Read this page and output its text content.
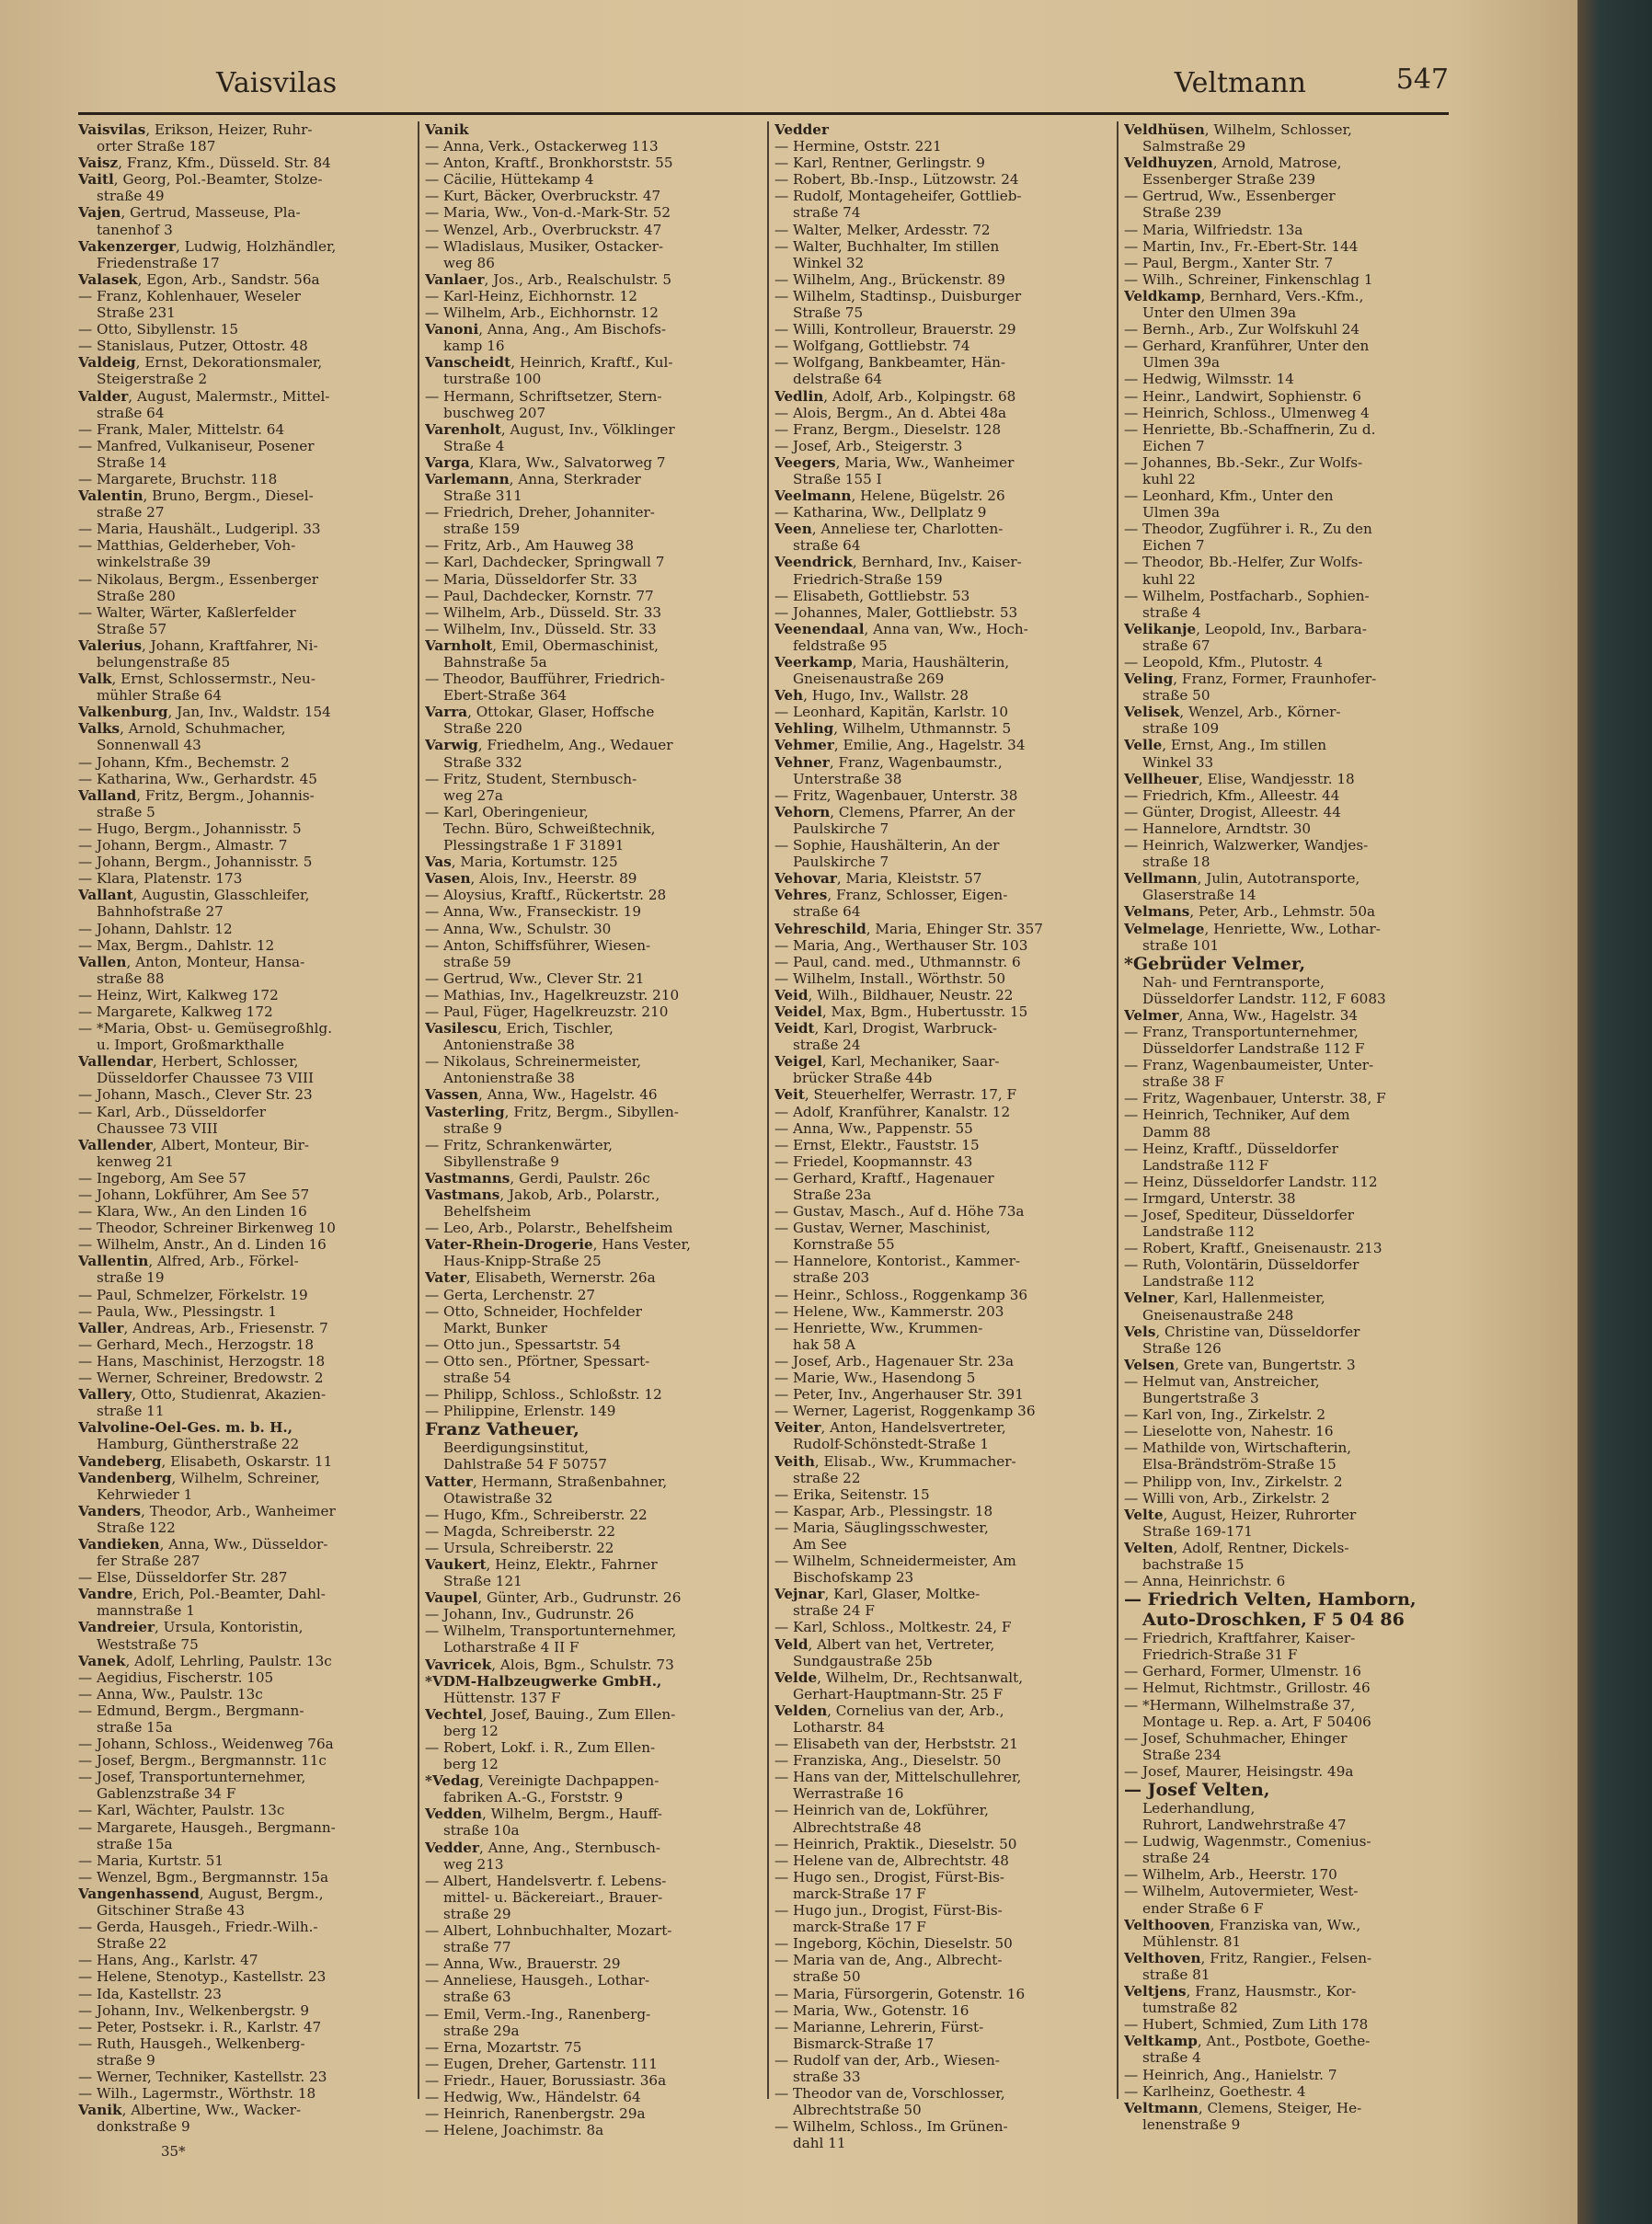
Vaisvilas	Veltmann	547
Vaisvilas, Erikson, Heizer, Ruhr-
orter Straße 187
Vaisz, Franz, Kfm., Düsseld. Str. 84
Vaitl, Georg, Pol.-Beamter, Stolze-
straße 49
Vajen, Gertrud, Masseuse, Pla-
tanenhof 3
Vakenzerger, Ludwig, Holzhändler,
Friedenstraße 17
Valasek, Egon, Arb., Sandstr. 56a
— Franz, Kohlenhauer, Weseler
Straße 231
— Otto, Sibyllenstr. 15
— Stanislaus, Putzer, Ottostr. 48
Valdeig, Ernst, Dekorationsmaler,
Steigerstraße 2
Valder, August, Malermstr., Mittel-
straße 64
— Frank, Maler, Mittelstr. 64
— Manfred, Vulkaniseur, Posener
Straße 14
— Margarete, Bruchstr. 118
Valentin, Bruno, Bergm., Diesel-
straße 27
— Maria, Haushält., Ludgeripl. 33
— Matthias, Gelderheber, Voh-
winkelstraße 39
— Nikolaus, Bergm., Essenberger
Straße 280
— Walter, Wärter, Kaßlerfelder
Straße 57
Valerius, Johann, Kraftfahrer, Ni-
belungenstraße 85
Valk, Ernst, Schlossermstr., Neu-
mühler Straße 64
Valkenburg, Jan, Inv., Waldstr. 154
Valks, Arnold, Schuhmacher,
Sonnenwall 43
— Johann, Kfm., Bechemstr. 2
— Katharina, Ww., Gerhardstr. 45
Valland, Fritz, Bergm., Johannis-
straße 5
— Hugo, Bergm., Johannisstr. 5
— Johann, Bergm., Almastr. 7
— Johann, Bergm., Johannisstr. 5
— Klara, Platenstr. 173
Vallant, Augustin, Glasschleifer,
Bahnhofstraße 27
— Johann, Dahlstr. 12
— Max, Bergm., Dahlstr. 12
Vallen, Anton, Monteur, Hansa-
straße 88
— Heinz, Wirt, Kalkweg 172
— Margarete, Kalkweg 172
— *Maria, Obst- u. Gemüsegroßhlg.
u. Import, Großmarkthalle
Vallendar, Herbert, Schlosser,
Düsseldorfer Chaussee 73 VIII
— Johann, Masch., Clever Str. 23
— Karl, Arb., Düsseldorfer
Chaussee 73 VIII
Vallender, Albert, Monteur, Bir-
kenweg 21
— Ingeborg, Am See 57
— Johann, Lokführer, Am See 57
— Klara, Ww., An den Linden 16
— Theodor, Schreiner Birkenweg 10
— Wilhelm, Anstr., An d. Linden 16
Vallentin, Alfred, Arb., Förkel-
straße 19
— Paul, Schmelzer, Förkelstr. 19
— Paula, Ww., Plessingstr. 1
Valler, Andreas, Arb., Friesenstr. 7
— Gerhard, Mech., Herzogstr. 18
— Hans, Maschinist, Herzogstr. 18
— Werner, Schreiner, Bredowstr. 2
Vallery, Otto, Studienrat, Akazien-
straße 11
Valvoline-Oel-Ges. m. b. H.,
Hamburg, Güntherstraße 22
Vandeberg, Elisabeth, Oskarstr. 11
Vandenberg, Wilhelm, Schreiner,
Kehrwieder 1
Vanders, Theodor, Arb., Wanheimer
Straße 122
Vandieken, Anna, Ww., Düsseldor-
fer Straße 287
— Else, Düsseldorfer Str. 287
Vandre, Erich, Pol.-Beamter, Dahl-
mannstraße 1
Vandreier, Ursula, Kontoristin,
Weststraße 75
Vanek, Adolf, Lehrling, Paulstr. 13c
— Aegidius, Fischerstr. 105
— Anna, Ww., Paulstr. 13c
— Edmund, Bergm., Bergmann-
straße 15a
— Johann, Schloss., Weidenweg 76a
— Josef, Bergm., Bergmannstr. 11c
— Josef, Transportunternehmer,
Gablenzstraße 34 F
— Karl, Wächter, Paulstr. 13c
— Margarete, Hausgeh., Bergmann-
straße 15a
— Maria, Kurtstr. 51
— Wenzel, Bgm., Bergmannstr. 15a
Vangenhassend, August, Bergm.,
Gitschiner Straße 43
— Gerda, Hausgeh., Friedr.-Wilh.-
Straße 22
— Hans, Ang., Karlstr. 47
— Helene, Stenotyp., Kastellstr. 23
— Ida, Kastellstr. 23
— Johann, Inv., Welkenbergstr. 9
— Peter, Postsekr. i. R., Karlstr. 47
— Ruth, Hausgeh., Welkenberg-
straße 9
— Werner, Techniker, Kastellstr. 23
— Wilh., Lagermstr., Wörthstr. 18
Vanik, Albertine, Ww., Wacker-
donkstraße 9
Vanik
— Anna, Verk., Ostackerweg 113
— Anton, Kraftf., Bronkhorststr. 55
— Cäcilie, Hüttekamp 4
— Kurt, Bäcker, Overbruckstr. 47
— Maria, Ww., Von-d.-Mark-Str. 52
— Wenzel, Arb., Overbruckstr. 47
— Wladislaus, Musiker, Ostacker-
weg 86
Vanlaer, Jos., Arb., Realschulstr. 5
— Karl-Heinz, Eichhornstr. 12
— Wilhelm, Arb., Eichhornstr. 12
Vanoni, Anna, Ang., Am Bischofs-
kamp 16
Vanscheidt, Heinrich, Kraftf., Kul-
turstraße 100
— Hermann, Schriftsetzer, Stern-
buschweg 207
Varenholt, August, Inv., Völklinger
Straße 4
Varga, Klara, Ww., Salvatorweg 7
Varlemann, Anna, Sterkrader
Straße 311
— Friedrich, Dreher, Johanniter-
straße 159
— Fritz, Arb., Am Hauweg 38
— Karl, Dachdecker, Springwall 7
— Maria, Düsseldorfer Str. 33
— Paul, Dachdecker, Kornstr. 77
— Wilhelm, Arb., Düsseld. Str. 33
— Wilhelm, Inv., Düsseld. Str. 33
Varnholt, Emil, Obermaschinist,
Bahnstraße 5a
— Theodor, Baufführer, Friedrich-
Ebert-Straße 364
Varra, Ottokar, Glaser, Hoffsche
Straße 220
Varwig, Friedhelm, Ang., Wedauer
Straße 332
— Fritz, Student, Sternbusch-
weg 27a
— Karl, Oberingenieur,
Techn. Büro, Schweißtechnik,
Plessingstraße 1 F 31891
Vas, Maria, Kortumstr. 125
Vasen, Alois, Inv., Heerstr. 89
— Aloysius, Kraftf., Rückertstr. 28
— Anna, Ww., Franseckistr. 19
— Anna, Ww., Schulstr. 30
— Anton, Schiffsführer, Wiesen-
straße 59
— Gertrud, Ww., Clever Str. 21
— Mathias, Inv., Hagelkreuzstr. 210
— Paul, Füger, Hagelkreuzstr. 210
Vasilescu, Erich, Tischler,
Antonienstraße 38
— Nikolaus, Schreinermeister,
Antonienstraße 38
Vassen, Anna, Ww., Hagelstr. 46
Vasterling, Fritz, Bergm., Sibyllen-
straße 9
— Fritz, Schrankenwärter,
Sibyllenstraße 9
Vastmanns, Gerdi, Paulstr. 26c
Vastmans, Jakob, Arb., Polarstr.,
Behelfsheim
— Leo, Arb., Polarstr., Behelfsheim
Vater-Rhein-Drogerie, Hans Vester,
Haus-Knipp-Straße 25
Vater, Elisabeth, Wernerstr. 26a
— Gerta, Lerchenstr. 27
— Otto, Schneider, Hochfelder
Markt, Bunker
— Otto jun., Spessartstr. 54
— Otto sen., Pförtner, Spessart-
straße 54
— Philipp, Schloss., Schloßstr. 12
— Philippine, Erlenstr. 149
Franz Vatheuer,
Beerdigungsinstitut,
Dahlstraße 54 F 50757
Vatter, Hermann, Straßenbahner,
Otawistraße 32
— Hugo, Kfm., Schreiberstr. 22
— Magda, Schreiberstr. 22
— Ursula, Schreiberstr. 22
Vaukert, Heinz, Elektr., Fahrner
Straße 121
Vaupel, Günter, Arb., Gudrunstr. 26
— Johann, Inv., Gudrunstr. 26
— Wilhelm, Transportunternehmer,
Lotharstraße 4 II F
Vavricek, Alois, Bgm., Schulstr. 73
*VDM-Halbzeugwerke GmbH.,
Hüttenstr. 137 F
Vechtel, Josef, Bauing., Zum Ellen-
berg 12
— Robert, Lokf. i. R., Zum Ellen-
berg 12
*Vedag, Vereinigte Dachpappen-
fabriken A.-G., Forststr. 9
Vedden, Wilhelm, Bergm., Hauff-
straße 10a
Vedder, Anne, Ang., Sternbusch-
weg 213
— Albert, Handelsvertr. f. Lebens-
mittel- u. Bäckereiart., Brauer-
straße 29
— Albert, Lohnbuchhalter, Mozart-
straße 77
— Anna, Ww., Brauerstr. 29
— Anneliese, Hausgeh., Lothar-
straße 63
— Emil, Verm.-Ing., Ranenberg-
straße 29a
— Erna, Mozartstr. 75
— Eugen, Dreher, Gartenstr. 111
— Friedr., Hauer, Borussiastr. 36a
— Hedwig, Ww., Händelstr. 64
— Heinrich, Ranenbergstr. 29a
— Helene, Joachimstr. 8a
Vedder
— Hermine, Oststr. 221
— Karl, Rentner, Gerlingstr. 9
— Robert, Bb.-Insp., Lützowstr. 24
— Rudolf, Montageheifer, Gottlieb-
straße 74
— Walter, Melker, Ardesstr. 72
— Walter, Buchhalter, Im stillen
Winkel 32
— Wilhelm, Ang., Brückenstr. 89
— Wilhelm, Stadtinsp., Duisburger
Straße 75
— Willi, Kontrolleur, Brauerstr. 29
— Wolfgang, Gottliebstr. 74
— Wolfgang, Bankbeamter, Hän-
delstraße 64
Vedlin, Adolf, Arb., Kolpingstr. 68
— Alois, Bergm., An d. Abtei 48a
— Franz, Bergm., Dieselstr. 128
— Josef, Arb., Steigerstr. 3
Veegers, Maria, Ww., Wanheimer
Straße 155 I
Veelmann, Helene, Bügelstr. 26
— Katharina, Ww., Dellplatz 9
Veen, Anneliese ter, Charlotten-
straße 64
Veendrick, Bernhard, Inv., Kaiser-
Friedrich-Straße 159
— Elisabeth, Gottliebstr. 53
— Johannes, Maler, Gottliebstr. 53
Veenendaal, Anna van, Ww., Hoch-
feldstraße 95
Veerkamp, Maria, Haushälterin,
Gneisenaustraße 269
Veh, Hugo, Inv., Wallstr. 28
— Leonhard, Kapitän, Karlstr. 10
Vehling, Wilhelm, Uthmannstr. 5
Vehmer, Emilie, Ang., Hagelstr. 34
Vehner, Franz, Wagenbaumstr.,
Unterstraße 38
— Fritz, Wagenbauer, Unterstr. 38
Vehorn, Clemens, Pfarrer, An der
Paulskirche 7
— Sophie, Haushälterin, An der
Paulskirche 7
Vehovar, Maria, Kleiststr. 57
Vehres, Franz, Schlosser, Eigen-
straße 64
Vehreschild, Maria, Ehinger Str. 357
— Maria, Ang., Werthauser Str. 103
— Paul, cand. med., Uthmannstr. 6
— Wilhelm, Install., Wörthstr. 50
Veid, Wilh., Bildhauer, Neustr. 22
Veidel, Max, Bgm., Hubertusstr. 15
Veidt, Karl, Drogist, Warbruck-
straße 24
Veigel, Karl, Mechaniker, Saar-
brücker Straße 44b
Veit, Steuerhelfer, Werrastr. 17, F
— Adolf, Kranführer, Kanalstr. 12
— Anna, Ww., Pappenstr. 55
— Ernst, Elektr., Fauststr. 15
— Friedel, Koopmannstr. 43
— Gerhard, Kraftf., Hagenauer
Straße 23a
— Gustav, Masch., Auf d. Höhe 73a
— Gustav, Werner, Maschinist,
Kornstraße 55
— Hannelore, Kontorist., Kammer-
straße 203
— Heinr., Schloss., Roggenkamp 36
— Helene, Ww., Kammerstr. 203
— Henriette, Ww., Krummen-
hak 58 A
— Josef, Arb., Hagenauer Str. 23a
— Marie, Ww., Hasendong 5
— Peter, Inv., Angerhauser Str. 391
— Werner, Lagerist, Roggenkamp 36
Veiter, Anton, Handelsvertreter,
Rudolf-Schönstedt-Straße 1
Veith, Elisab., Ww., Krummacher-
straße 22
— Erika, Seitenstr. 15
— Kaspar, Arb., Plessingstr. 18
— Maria, Säuglingsschwester,
Am See
— Wilhelm, Schneidermeister, Am
Bischofskamp 23
Vejnar, Karl, Glaser, Moltke-
straße 24 F
— Karl, Schloss., Moltkestr. 24, F
Veld, Albert van het, Vertreter,
Sundgaustraße 25b
Velde, Wilhelm, Dr., Rechtsanwalt,
Gerhart-Hauptmann-Str. 25 F
Velden, Cornelius van der, Arb.,
Lotharstr. 84
— Elisabeth van der, Herbststr. 21
— Franziska, Ang., Dieselstr. 50
— Hans van der, Mittelschullehrer,
Werrastraße 16
— Heinrich van de, Lokführer,
Albrechtstraße 48
— Heinrich, Praktik., Dieselstr. 50
— Helene van de, Albrechtstr. 48
— Hugo sen., Drogist, Fürst-Bis-
marck-Straße 17 F
— Hugo jun., Drogist, Fürst-Bis-
marck-Straße 17 F
— Ingeborg, Köchin, Dieselstr. 50
— Maria van de, Ang., Albrecht-
straße 50
— Maria, Fürsorgerin, Gotenstr. 16
— Maria, Ww., Gotenstr. 16
— Marianne, Lehrerin, Fürst-
Bismarck-Straße 17
— Rudolf van der, Arb., Wiesen-
straße 33
— Theodor van de, Vorschlosser,
Albrechtstraße 50
— Wilhelm, Schloss., Im Grünen-
dahl 11
Veldhüsen, Wilhelm, Schlosser,
Salmstraße 29
Veldhuyzen, Arnold, Matrose,
Essenberger Straße 239
— Gertrud, Ww., Essenberger
Straße 239
— Maria, Wilfriedstr. 13a
— Martin, Inv., Fr.-Ebert-Str. 144
— Paul, Bergm., Xanter Str. 7
— Wilh., Schreiner, Finkenschlag 1
Veldkamp, Bernhard, Vers.-Kfm.,
Unter den Ulmen 39a
— Bernh., Arb., Zur Wolfskuhl 24
— Gerhard, Kranführer, Unter den
Ulmen 39a
— Hedwig, Wilmsstr. 14
— Heinr., Landwirt, Sophienstr. 6
— Heinrich, Schloss., Ulmenweg 4
— Henriette, Bb.-Schaffnerin, Zu d.
Eichen 7
— Johannes, Bb.-Sekr., Zur Wolfs-
kuhl 22
— Leonhard, Kfm., Unter den
Ulmen 39a
— Theodor, Zugführer i. R., Zu den
Eichen 7
— Theodor, Bb.-Helfer, Zur Wolfs-
kuhl 22
— Wilhelm, Postfacharb., Sophien-
straße 4
Velikanje, Leopold, Inv., Barbara-
straße 67
— Leopold, Kfm., Plutostr. 4
Veling, Franz, Former, Fraunhofer-
straße 50
Velisek, Wenzel, Arb., Körner-
straße 109
Velle, Ernst, Ang., Im stillen
Winkel 33
Vellheuer, Elise, Wandjesstr. 18
— Friedrich, Kfm., Alleestr. 44
— Günter, Drogist, Alleestr. 44
— Hannelore, Arndtstr. 30
— Heinrich, Walzwerker, Wandjes-
straße 18
Vellmann, Julin, Autotransporte,
Glaserstraße 14
Velmans, Peter, Arb., Lehmstr. 50a
Velmelage, Henriette, Ww., Lothar-
straße 101
*Gebrüder Velmer,
Nah- und Ferntransporte,
Düsseldorfer Landstr. 112, F 6083
Velmer, Anna, Ww., Hagelstr. 34
— Franz, Transportunternehmer,
Düsseldorfer Landstraße 112 F
— Franz, Wagenbaumeister, Unter-
straße 38 F
— Fritz, Wagenbauer, Unterstr. 38, F
— Heinrich, Techniker, Auf dem
Damm 88
— Heinz, Kraftf., Düsseldorfer
Landstraße 112 F
— Heinz, Düsseldorfer Landstr. 112
— Irmgard, Unterstr. 38
— Josef, Spediteur, Düsseldorfer
Landstraße 112
— Robert, Kraftf., Gneisenaustr. 213
— Ruth, Volontärin, Düsseldorfer
Landstraße 112
Velner, Karl, Hallenmeister,
Gneisenaustraße 248
Vels, Christine van, Düsseldorfer
Straße 126
Velsen, Grete van, Bungertstr. 3
— Helmut van, Anstreicher,
Bungertstraße 3
— Karl von, Ing., Zirkelstr. 2
— Lieselotte von, Nahestr. 16
— Mathilde von, Wirtschafterin,
Elsa-Brändström-Straße 15
— Philipp von, Inv., Zirkelstr. 2
— Willi von, Arb., Zirkelstr. 2
Velte, August, Heizer, Ruhrorter
Straße 169-171
Velten, Adolf, Rentner, Dickels-
bachstraße 15
— Anna, Heinrichstr. 6
— Friedrich Velten, Hamborn,
Auto-Droschken, F 5 04 86
— Friedrich, Kraftfahrer, Kaiser-
Friedrich-Straße 31 F
— Gerhard, Former, Ulmenstr. 16
— Helmut, Richtmstr., Grillostr. 46
— *Hermann, Wilhelmstraße 37,
Montage u. Rep. a. Art, F 50406
— Josef, Schuhmacher, Ehinger
Straße 234
— Josef, Maurer, Heisingstr. 49a
— Josef Velten,
Lederhandlung,
Ruhrort, Landwehrstraße 47
— Ludwig, Wagenmstr., Comenius-
straße 24
— Wilhelm, Arb., Heerstr. 170
— Wilhelm, Autovermieter, West-
ender Straße 6 F
Velthooven, Franziska van, Ww.,
Mühlenstr. 81
Velthoven, Fritz, Rangier., Felsen-
straße 81
Veltjens, Franz, Hausmstr., Kor-
tumstraße 82
— Hubert, Schmied, Zum Lith 178
Veltkamp, Ant., Postbote, Goethe-
straße 4
— Heinrich, Ang., Hanielstr. 7
— Karlheinz, Goethestr. 4
Veltmann, Clemens, Steiger, He-
lenenstraße 9
35*
